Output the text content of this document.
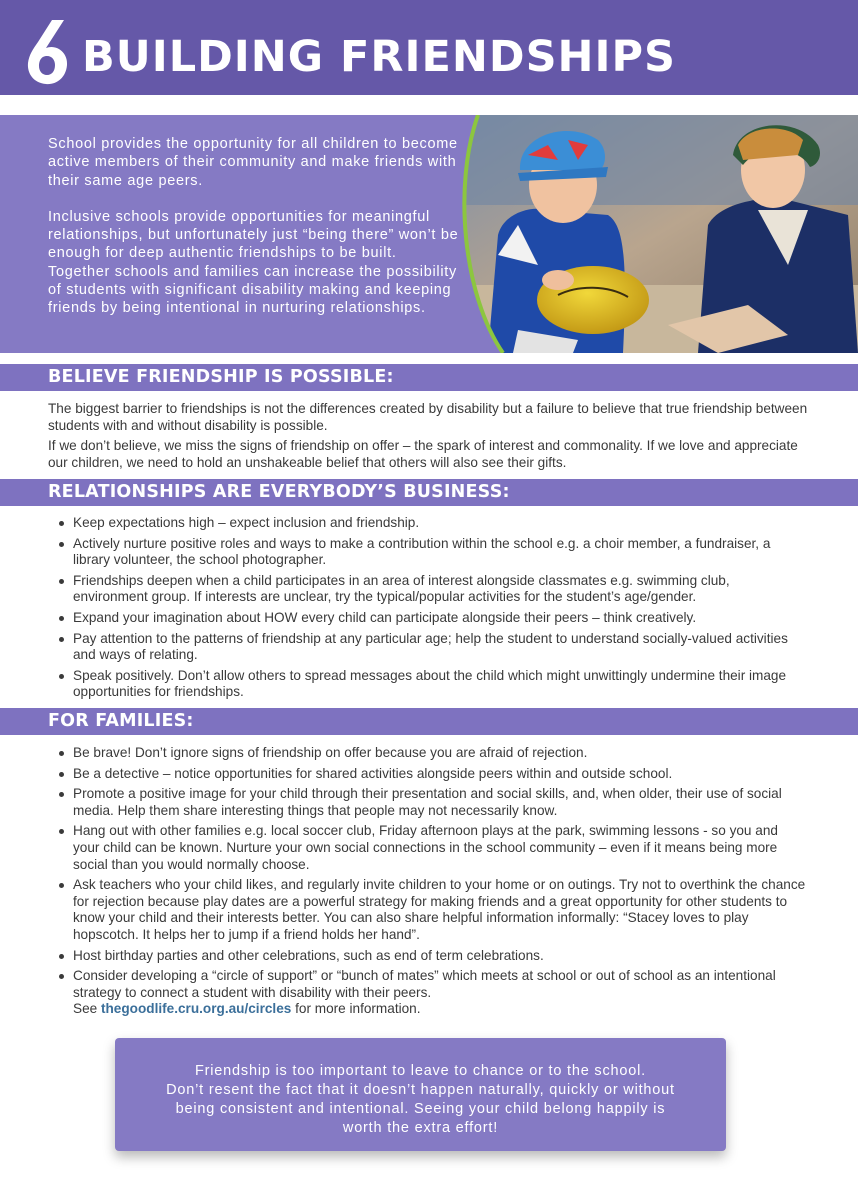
BUILDING FRIENDSHIPS

School provides the opportunity for all children to become active members of their community and make friends with their same age peers.

Inclusive schools provide opportunities for meaningful relationships, but unfortunately just “being there” won’t be enough for deep authentic friendships to be built. Together schools and families can increase the possibility of students with significant disability making and keeping friends by being intentional in nurturing relationships.

BELIEVE FRIENDSHIP IS POSSIBLE:

The biggest barrier to friendships is not the differences created by disability but a failure to believe that true friendship between students with and without disability is possible.

If we don’t believe, we miss the signs of friendship on offer – the spark of interest and commonality. If we love and appreciate our children, we need to hold an unshakeable belief that others will also see their gifts.

RELATIONSHIPS ARE EVERYBODY’S BUSINESS:
Keep expectations high – expect inclusion and friendship.
Actively nurture positive roles and ways to make a contribution within the school e.g. a choir member, a fundraiser, a library volunteer, the school photographer.
Friendships deepen when a child participates in an area of interest alongside classmates e.g. swimming club, environment group. If interests are unclear, try the typical/popular activities for the student’s age/gender.
Expand your imagination about HOW every child can participate alongside their peers – think creatively.
Pay attention to the patterns of friendship at any particular age; help the student to understand socially-valued activities and ways of relating.
Speak positively. Don’t allow others to spread messages about the child which might unwittingly undermine their image opportunities for friendships.
FOR FAMILIES:
Be brave! Don’t ignore signs of friendship on offer because you are afraid of rejection.
Be a detective – notice opportunities for shared activities alongside peers within and outside school.
Promote a positive image for your child through their presentation and social skills, and, when older, their use of social media. Help them share interesting things that people may not necessarily know.
Hang out with other families e.g. local soccer club, Friday afternoon plays at the park, swimming lessons - so you and your child can be known. Nurture your own social connections in the school community – even if it means being more social than you would normally choose.
Ask teachers who your child likes, and regularly invite children to your home or on outings. Try not to overthink the chance for rejection because play dates are a powerful strategy for making friends and a great opportunity for other students to know your child and their interests better. You can also share helpful information informally: “Stacey loves to play hopscotch. It helps her to jump if a friend holds her hand”.
Host birthday parties and other celebrations, such as end of term celebrations.
Consider developing a “circle of support” or “bunch of mates” which meets at school or out of school as an intentional strategy to connect a student with disability with their peers.
See thegoodlife.cru.org.au/circles for more information.
Friendship is too important to leave to chance or to the school.
Don’t resent the fact that it doesn’t happen naturally, quickly or without
being consistent and intentional. Seeing your child belong happily is
worth the extra effort!
